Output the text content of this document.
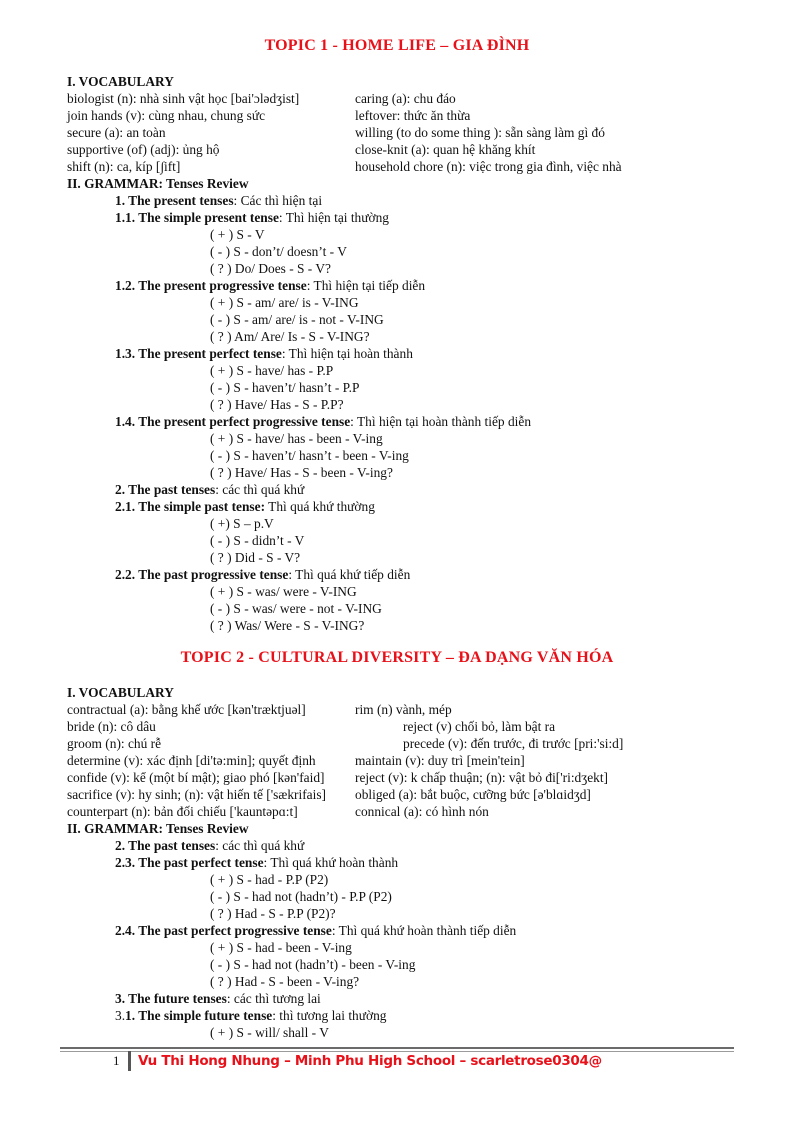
TOPIC 1 - HOME LIFE – GIA ĐÌNH
I. VOCABULARY
biologist (n): nhà sinh vật học [bai'ɔlədʒist]
join hands (v): cùng nhau, chung sức
secure (a): an toàn
supportive (of) (adj): ủng hộ
shift (n): ca, kíp [∫ift]
caring (a): chu đáo
leftover: thức ăn thừa
willing (to do some thing ): sẵn sàng làm gì đó
close-knit (a): quan hệ khăng khít
household chore (n): việc trong gia đình, việc nhà
II. GRAMMAR: Tenses Review
1. The present tenses: Các thì hiện tại
1.1. The simple present tense: Thì hiện tại thường
( + ) S - V
( - ) S - don’t/ doesn’t - V
( ? ) Do/ Does - S - V?
1.2. The present progressive tense: Thì hiện tại tiếp diễn
( + ) S - am/ are/ is - V-ING
( - ) S - am/ are/ is - not - V-ING
( ? ) Am/ Are/ Is - S - V-ING?
1.3. The present perfect tense: Thì hiện tại hoàn thành
( + ) S - have/ has - P.P
( - ) S - haven’t/ hasn’t - P.P
( ? ) Have/ Has - S - P.P?
1.4. The present perfect progressive tense: Thì hiện tại hoàn thành tiếp diễn
( + ) S - have/ has - been - V-ing
( - ) S - haven’t/ hasn’t - been - V-ing
( ? ) Have/ Has - S - been - V-ing?
2. The past tenses: các thì quá khứ
2.1. The simple past tense: Thì quá khứ thường
( +) S – p.V
( - ) S - didn’t - V
( ? ) Did - S - V?
2.2. The past progressive tense: Thì quá khứ tiếp diễn
( + ) S - was/ were - V-ING
( - ) S - was/ were - not - V-ING
( ? ) Was/ Were - S - V-ING?
TOPIC 2 - CULTURAL DIVERSITY – ĐA DẠNG VĂN HÓA
I. VOCABULARY
contractual (a): bằng khế ước [kən'træktjuəl]
bride (n): cô dâu
groom (n): chú rễ
determine (v): xác định [di'tə:min]; quyết định
confide (v): kể (một bí mật); giao phó [kən'faid]
sacrifice (v): hy sinh; (n): vật hiến tế ['sækrifais]
counterpart (n): bản đối chiếu ['kauntəpɑ:t]
rim (n) vành, mép
reject (v) chối bỏ, làm bật ra
precede (v): đến trước, đi trước [pri:'si:d]
maintain (v): duy trì [mein'tein]
reject (v): k chấp thuận; (n): vật bỏ đi['ri:dʒekt]
obliged (a): bắt buộc, cưỡng bức [ə'blɑidʒd]
connical (a): có hình nón
II. GRAMMAR: Tenses Review
2. The past tenses: các thì quá khứ
2.3. The past perfect tense: Thì quá khứ hoàn thành
( + ) S - had - P.P (P2)
( - ) S - had not (hadn’t) - P.P (P2)
( ? ) Had - S - P.P (P2)?
2.4. The past perfect progressive tense: Thì quá khứ hoàn thành tiếp diễn
( + ) S - had - been - V-ing
( - ) S - had not (hadn’t) - been - V-ing
( ? ) Had - S - been - V-ing?
3. The future tenses: các thì tương lai
3.1. The simple future tense: thì tương lai thường
( + ) S - will/ shall - V
1 Vu Thi Hong Nhung – Minh Phu High School – scarletrose0304@
